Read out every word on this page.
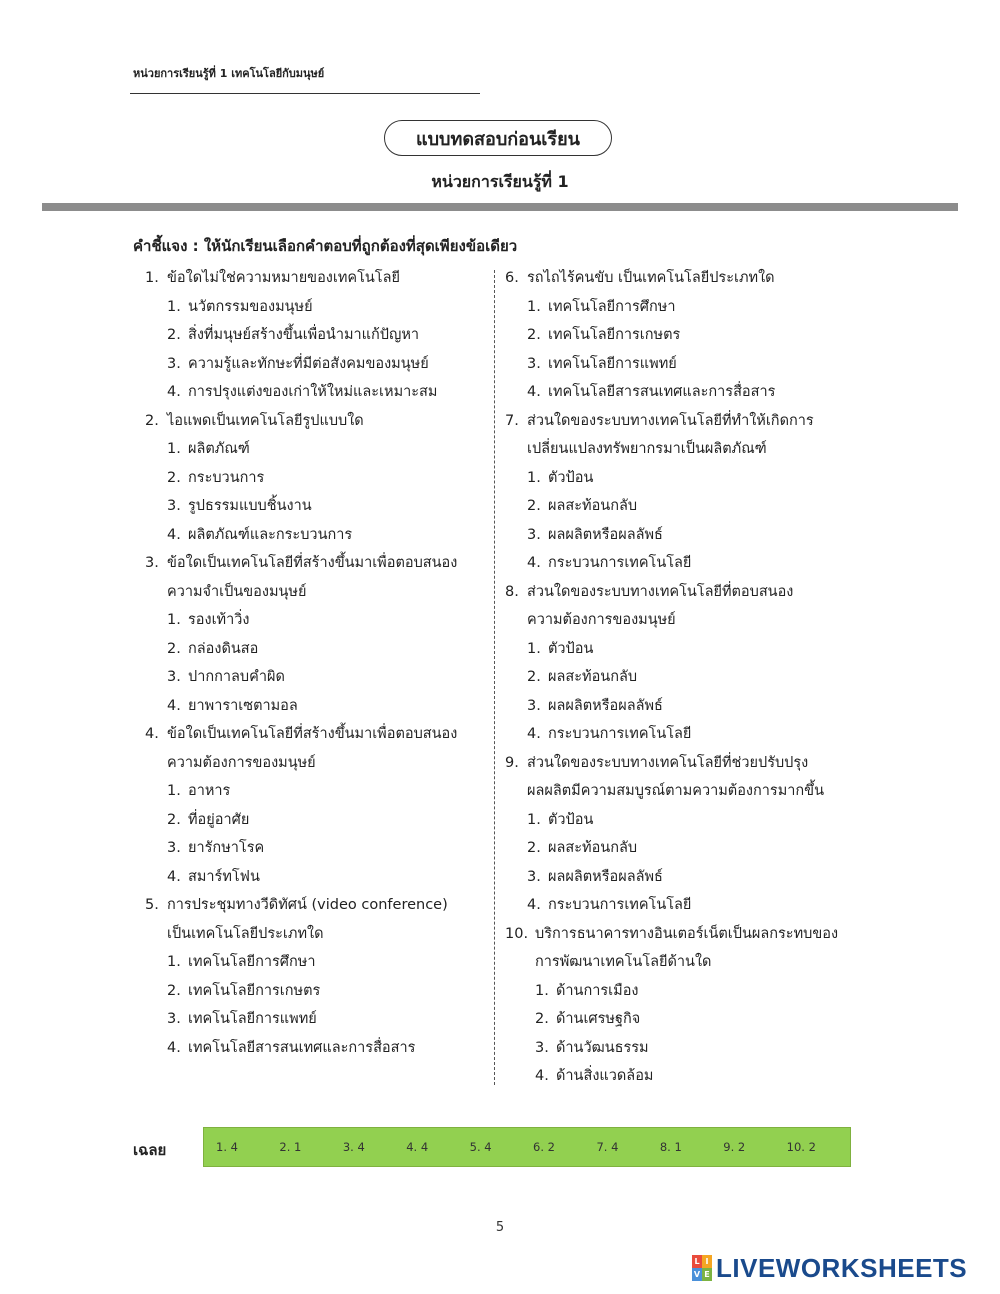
หน่วยการเรียนรู้ที่ 1 เทคโนโลยีกับมนุษย์
แบบทดสอบก่อนเรียน
หน่วยการเรียนรู้ที่ 1
คำชี้แจง : ให้นักเรียนเลือกคำตอบที่ถูกต้องที่สุดเพียงข้อเดียว
1. ข้อใดไม่ใช่ความหมายของเทคโนโลยี
1. นวัตกรรมของมนุษย์
2. สิ่งที่มนุษย์สร้างขึ้นเพื่อนำมาแก้ปัญหา
3. ความรู้และทักษะที่มีต่อสังคมของมนุษย์
4. การปรุงแต่งของเก่าให้ใหม่และเหมาะสม
2. ไอแพดเป็นเทคโนโลยีรูปแบบใด
1. ผลิตภัณฑ์
2. กระบวนการ
3. รูปธรรมแบบชิ้นงาน
4. ผลิตภัณฑ์และกระบวนการ
3. ข้อใดเป็นเทคโนโลยีที่สร้างขึ้นมาเพื่อตอบสนอง
ความจำเป็นของมนุษย์
1. รองเท้าวิ่ง
2. กล่องดินสอ
3. ปากกาลบคำผิด
4. ยาพาราเซตามอล
4. ข้อใดเป็นเทคโนโลยีที่สร้างขึ้นมาเพื่อตอบสนอง
ความต้องการของมนุษย์
1. อาหาร
2. ที่อยู่อาศัย
3. ยารักษาโรค
4. สมาร์ทโฟน
5. การประชุมทางวีดิทัศน์ (video conference)
เป็นเทคโนโลยีประเภทใด
1. เทคโนโลยีการศึกษา
2. เทคโนโลยีการเกษตร
3. เทคโนโลยีการแพทย์
4. เทคโนโลยีสารสนเทศและการสื่อสาร
6. รถไถไร้คนขับ เป็นเทคโนโลยีประเภทใด
1. เทคโนโลยีการศึกษา
2. เทคโนโลยีการเกษตร
3. เทคโนโลยีการแพทย์
4. เทคโนโลยีสารสนเทศและการสื่อสาร
7. ส่วนใดของระบบทางเทคโนโลยีที่ทำให้เกิดการ
เปลี่ยนแปลงทรัพยากรมาเป็นผลิตภัณฑ์
1. ตัวป้อน
2. ผลสะท้อนกลับ
3. ผลผลิตหรือผลลัพธ์
4. กระบวนการเทคโนโลยี
8. ส่วนใดของระบบทางเทคโนโลยีที่ตอบสนอง
ความต้องการของมนุษย์
1. ตัวป้อน
2. ผลสะท้อนกลับ
3. ผลผลิตหรือผลลัพธ์
4. กระบวนการเทคโนโลยี
9. ส่วนใดของระบบทางเทคโนโลยีที่ช่วยปรับปรุง
ผลผลิตมีความสมบูรณ์ตามความต้องการมากขึ้น
1. ตัวป้อน
2. ผลสะท้อนกลับ
3. ผลผลิตหรือผลลัพธ์
4. กระบวนการเทคโนโลยี
10. บริการธนาคารทางอินเตอร์เน็ตเป็นผลกระทบของ
การพัฒนาเทคโนโลยีด้านใด
1. ด้านการเมือง
2. ด้านเศรษฐกิจ
3. ด้านวัฒนธรรม
4. ด้านสิ่งแวดล้อม
เฉลย	1. 4	2. 1	3. 4	4. 4	5. 4	6. 2	7. 4	8. 1	9. 2	10. 2
5
L I
V E LIVEWORKSHEETS
